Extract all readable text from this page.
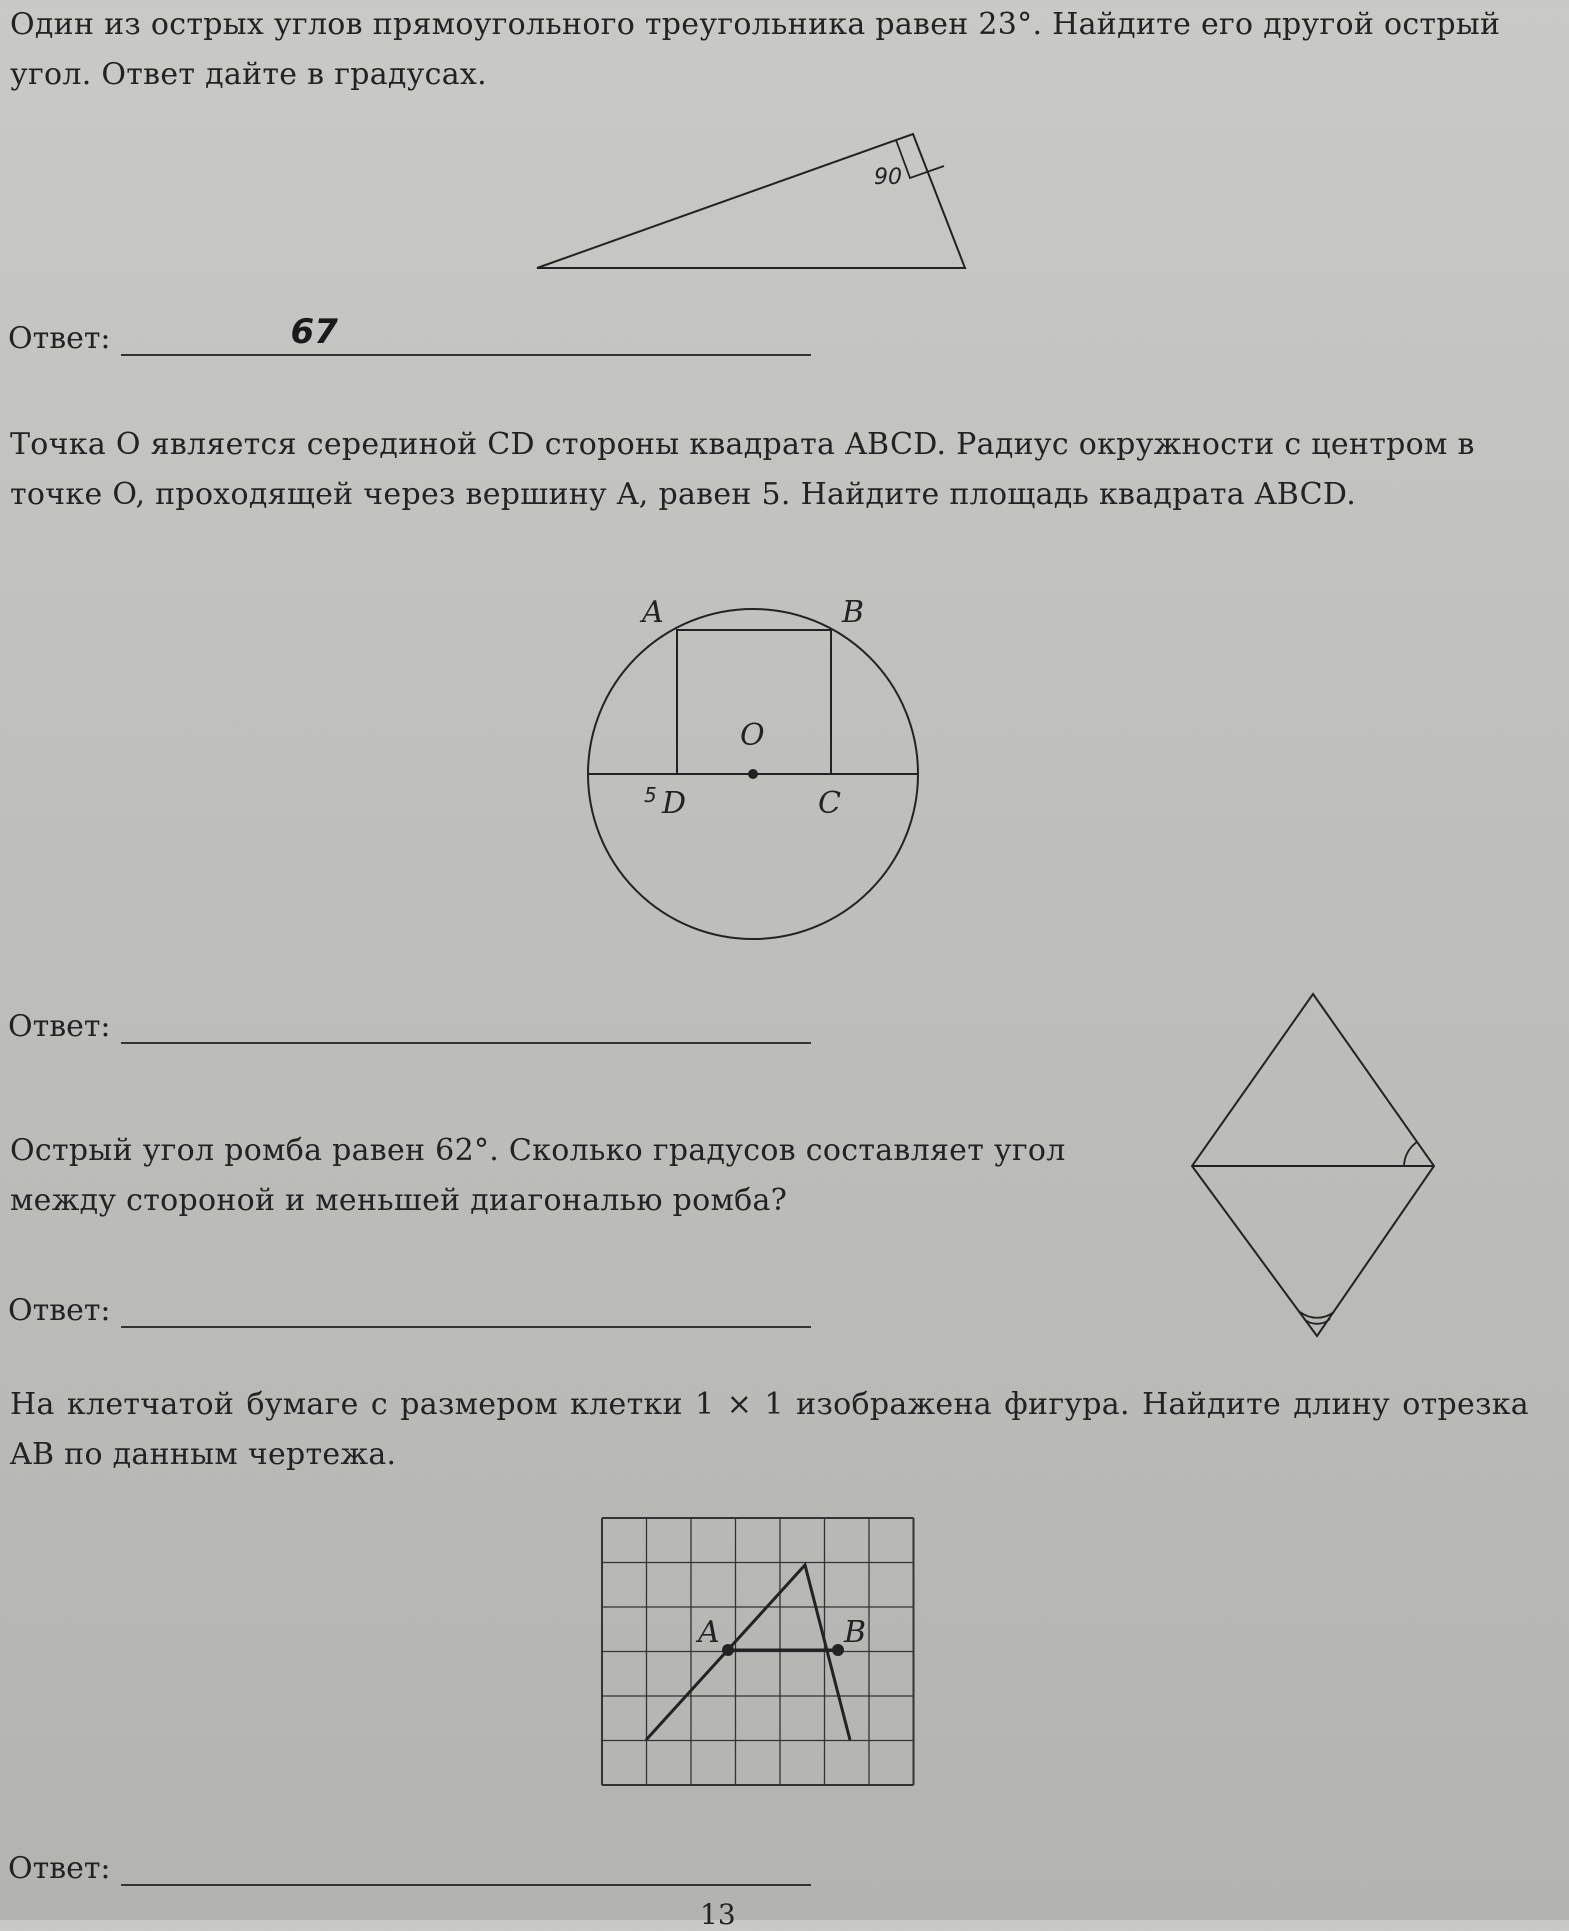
Один из острых углов прямоугольного треугольника равен 23°. Найдите его другой острый угол. Ответ дайте в градусах.
90
Ответ:	67
Точка O является серединой CD стороны квадрата ABCD. Радиус окружности с центром в точке O, проходящей через вершину A, равен 5. Найдите площадь квадрата ABCD.
A	B
O
D	C
5
Ответ:
Острый угол ромба равен 62°. Сколько градусов составляет угол между стороной и меньшей диагональю ромба?
Ответ:
На клетчатой бумаге с размером клетки 1 × 1 изображена фигура. Найдите длину отрезка AB по данным чертежа.
A	B
Ответ:
13
